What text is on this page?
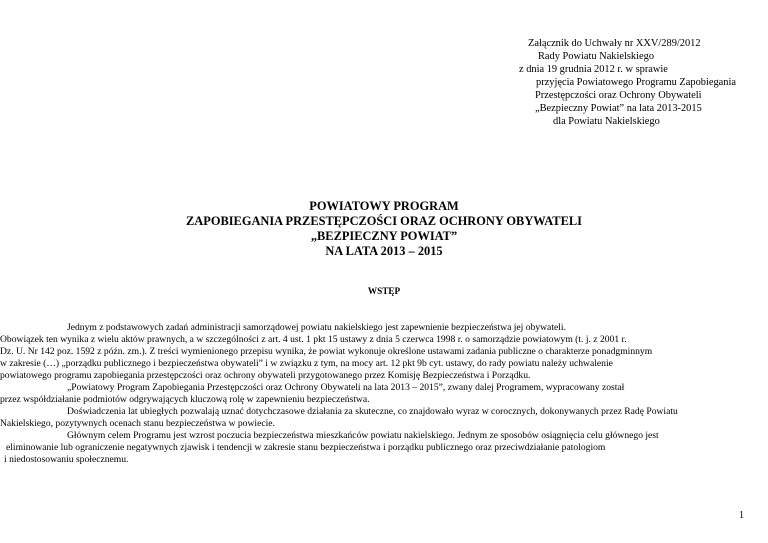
Załącznik do Uchwały nr XXV/289/2012

Rady Powiatu Nakielskiego

z dnia 19 grudnia 2012 r. w sprawie

przyjęcia Powiatowego Programu Zapobiegania

Przestępczości oraz Ochrony Obywateli

„Bezpieczny Powiat” na lata 2013-2015

dla Powiatu Nakielskiego

POWIATOWY PROGRAM

ZAPOBIEGANIA PRZESTĘPCZOŚCI ORAZ OCHRONY OBYWATELI

„BEZPIECZNY POWIAT”

NA LATA 2013 – 2015

WSTĘP

Jednym z podstawowych zadań administracji samorządowej powiatu nakielskiego jest zapewnienie bezpieczeństwa jej obywateli.

Obowiązek ten wynika z wielu aktów prawnych, a w szczególności z art. 4 ust. 1 pkt 15 ustawy z dnia 5 czerwca 1998 r. o samorządzie powiatowym (t. j. z 2001 r.

Dz. U. Nr 142 poz. 1592 z późn. zm.). Z treści wymienionego przepisu wynika, że powiat wykonuje określone ustawami zadania publiczne o charakterze ponadgminnym

w zakresie (…) „porządku publicznego i bezpieczeństwa obywateli” i w związku z tym, na mocy art. 12 pkt 9b cyt. ustawy, do rady powiatu należy uchwalenie

powiatowego programu zapobiegania przestępczości oraz ochrony obywateli przygotowanego przez Komisję Bezpieczeństwa i Porządku.

„Powiatowy Program Zapobiegania Przestępczości oraz Ochrony Obywateli na lata 2013 – 2015”, zwany dalej Programem, wypracowany został

przez współdziałanie podmiotów odgrywających kluczową rolę w zapewnieniu bezpieczeństwa.

Doświadczenia lat ubiegłych pozwalają uznać dotychczasowe działania za skuteczne, co znajdowało wyraz w corocznych, dokonywanych przez Radę Powiatu

Nakielskiego, pozytywnych ocenach stanu bezpieczeństwa w powiecie.

Głównym celem Programu jest wzrost poczucia bezpieczeństwa mieszkańców powiatu nakielskiego. Jednym ze sposobów osiągnięcia celu głównego jest

eliminowanie lub ograniczenie negatywnych zjawisk i tendencji w zakresie stanu bezpieczeństwa i porządku publicznego oraz przeciwdziałanie patologiom

i niedostosowaniu społecznemu.

1
